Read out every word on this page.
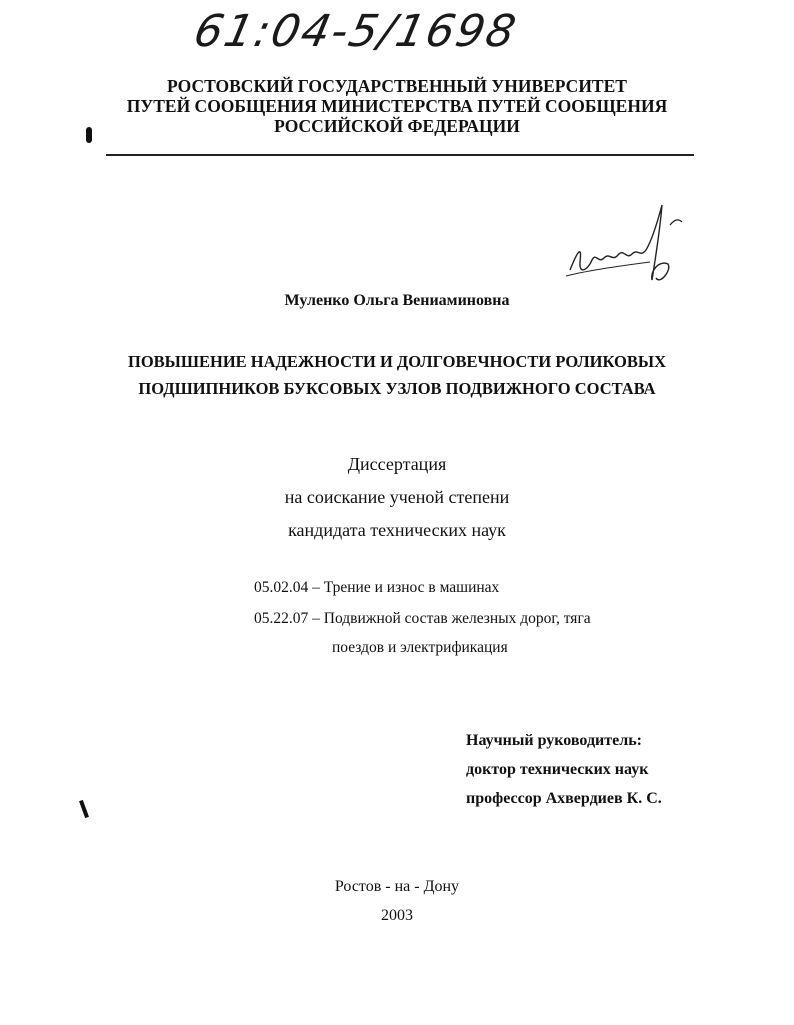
61:04-5/1698
РОСТОВСКИЙ ГОСУДАРСТВЕННЫЙ УНИВЕРСИТЕТ
ПУТЕЙ СООБЩЕНИЯ МИНИСТЕРСТВА ПУТЕЙ СООБЩЕНИЯ
РОССИЙСКОЙ ФЕДЕРАЦИИ
Муленко Ольга Вениаминовна
ПОВЫШЕНИЕ НАДЕЖНОСТИ И ДОЛГОВЕЧНОСТИ РОЛИКОВЫХ
ПОДШИПНИКОВ БУКСОВЫХ УЗЛОВ ПОДВИЖНОГО СОСТАВА
Диссертация
на соискание ученой степени
кандидата технических наук
05.02.04 – Трение и износ в машинах
05.22.07 – Подвижной состав железных дорог, тяга
поездов и электрификация
Научный руководитель:
доктор технических наук
профессор Ахвердиев К. С.
Ростов - на - Дону
2003
